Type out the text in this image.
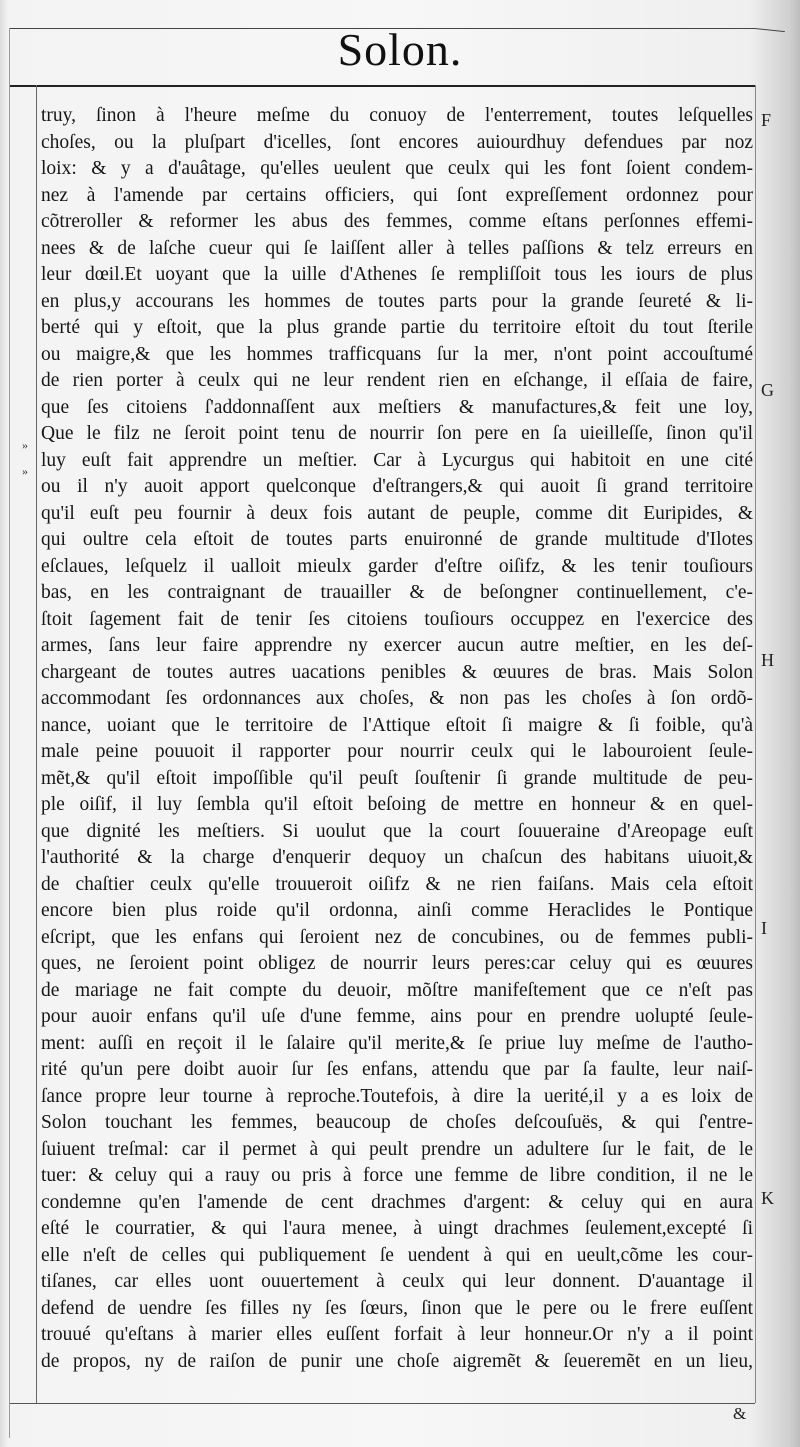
Solon.
truy, ſinon à l'heure meſme du conuoy de l'enterrement, toutes leſquelles
choſes, ou la pluſpart d'icelles, ſont encores auiourdhuy defendues par noz
loix: & y a d'auâtage, qu'elles ueulent que ceulx qui les font ſoient condem-
nez à l'amende par certains officiers, qui ſont expreſſement ordonnez pour
cõtreroller & reformer les abus des femmes, comme eſtans perſonnes effemi-
nees & de laſche cueur qui ſe laiſſent aller à telles paſſions & telz erreurs en
leur dœil.Et uoyant que la uille d'Athenes ſe rempliſſoit tous les iours de plus
en plus,y accourans les hommes de toutes parts pour la grande ſeureté & li-
berté qui y eſtoit, que la plus grande partie du territoire eſtoit du tout ſterile
ou maigre,& que les hommes trafficquans ſur la mer, n'ont point accouſtumé
de rien porter à ceulx qui ne leur rendent rien en eſchange, il eſſaia de faire,
que ſes citoiens ſ'addonnaſſent aux meſtiers & manufactures,& feit une loy,
Que le filz ne ſeroit point tenu de nourrir ſon pere en ſa uieilleſſe, ſinon qu'il
luy euſt fait apprendre un meſtier. Car à Lycurgus qui habitoit en une cité
ou il n'y auoit apport quelconque d'eſtrangers,& qui auoit ſi grand territoire
qu'il euſt peu fournir à deux fois autant de peuple, comme dit Euripides, &
qui oultre cela eſtoit de toutes parts enuironné de grande multitude d'Ilotes
eſclaues, leſquelz il ualloit mieulx garder d'eſtre oiſifz, & les tenir touſiours
bas, en les contraignant de trauailler & de beſongner continuellement, c'e-
ſtoit ſagement fait de tenir ſes citoiens touſiours occuppez en l'exercice des
armes, ſans leur faire apprendre ny exercer aucun autre meſtier, en les deſ-
chargeant de toutes autres uacations penibles & œuures de bras. Mais Solon
accommodant ſes ordonnances aux choſes, & non pas les choſes à ſon ordõ-
nance, uoiant que le territoire de l'Attique eſtoit ſi maigre & ſi foible, qu'à
male peine pouuoit il rapporter pour nourrir ceulx qui le labouroient ſeule-
mẽt,& qu'il eſtoit impoſſible qu'il peuſt ſouſtenir ſi grande multitude de peu-
ple oiſif, il luy ſembla qu'il eſtoit beſoing de mettre en honneur & en quel-
que dignité les meſtiers. Si uoulut que la court ſouueraine d'Areopage euſt
l'authorité & la charge d'enquerir dequoy un chaſcun des habitans uiuoit,&
de chaſtier ceulx qu'elle trouueroit oiſifz & ne rien faiſans. Mais cela eſtoit
encore bien plus roide qu'il ordonna, ainſi comme Heraclides le Pontique
eſcript, que les enfans qui ſeroient nez de concubines, ou de femmes publi-
ques, ne ſeroient point obligez de nourrir leurs peres:car celuy qui es œuures
de mariage ne fait compte du deuoir, mõſtre manifeſtement que ce n'eſt pas
pour auoir enfans qu'il uſe d'une femme, ains pour en prendre uolupté ſeule-
ment: auſſi en reçoit il le ſalaire qu'il merite,& ſe priue luy meſme de l'autho-
rité qu'un pere doibt auoir ſur ſes enfans, attendu que par ſa faulte, leur naiſ-
ſance propre leur tourne à reproche.Toutefois, à dire la uerité,il y a es loix de
Solon touchant les femmes, beaucoup de choſes deſcouſuës, & qui ſ'entre-
ſuiuent treſmal: car il permet à qui peult prendre un adultere ſur le fait, de le
tuer: & celuy qui a rauy ou pris à force une femme de libre condition, il ne le
condemne qu'en l'amende de cent drachmes d'argent: & celuy qui en aura
eſté le courratier, & qui l'aura menee, à uingt drachmes ſeulement,excepté ſi
elle n'eſt de celles qui publiquement ſe uendent à qui en ueult,cõme les cour-
tiſanes, car elles uont ouuertement à ceulx qui leur donnent. D'auantage il
defend de uendre ſes filles ny ſes ſœurs, ſinon que le pere ou le frere euſſent
trouué qu'eſtans à marier elles euſſent forfait à leur honneur.Or n'y a il point
de propos, ny de raiſon de punir une choſe aigremẽt & ſeueremẽt en un lieu,
F
G
H
I
K
»
»
&
